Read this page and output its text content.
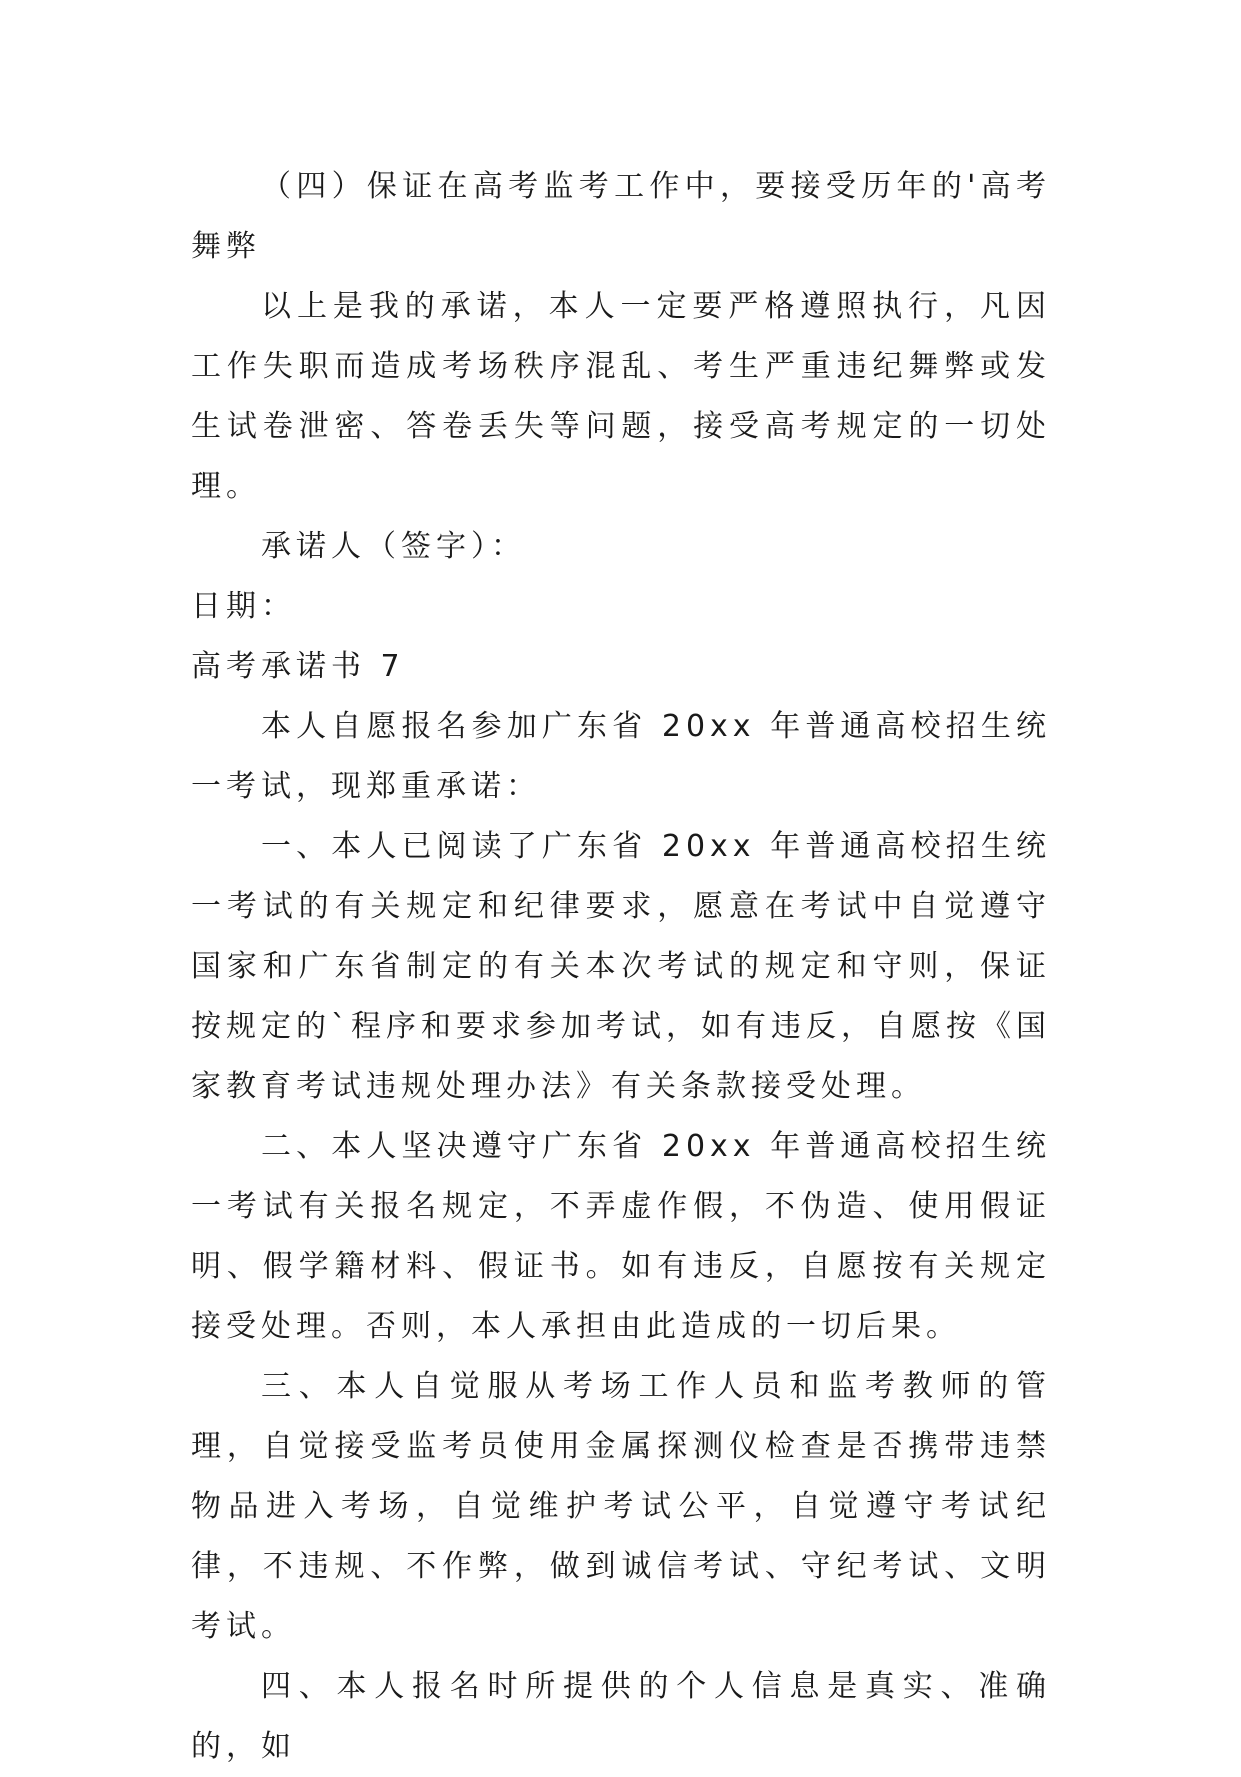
（四）保证在高考监考工作中，要接受历年的'高考舞弊

以上是我的承诺，本人一定要严格遵照执行，凡因工作失职而造成考场秩序混乱、考生严重违纪舞弊或发生试卷泄密、答卷丢失等问题，接受高考规定的一切处理。

承诺人（签字）：

日期：

高考承诺书 7

本人自愿报名参加广东省 20xx 年普通高校招生统一考试，现郑重承诺：

一、本人已阅读了广东省 20xx 年普通高校招生统一考试的有关规定和纪律要求，愿意在考试中自觉遵守国家和广东省制定的有关本次考试的规定和守则，保证按规定的`程序和要求参加考试，如有违反，自愿按《国家教育考试违规处理办法》有关条款接受处理。

二、本人坚决遵守广东省 20xx 年普通高校招生统一考试有关报名规定，不弄虚作假，不伪造、使用假证明、假学籍材料、假证书。如有违反，自愿按有关规定接受处理。否则，本人承担由此造成的一切后果。

三、本人自觉服从考场工作人员和监考教师的管理，自觉接受监考员使用金属探测仪检查是否携带违禁物品进入考场，自觉维护考试公平，自觉遵守考试纪律，不违规、不作弊，做到诚信考试、守纪考试、文明考试。

四、本人报名时所提供的个人信息是真实、准确的，如
